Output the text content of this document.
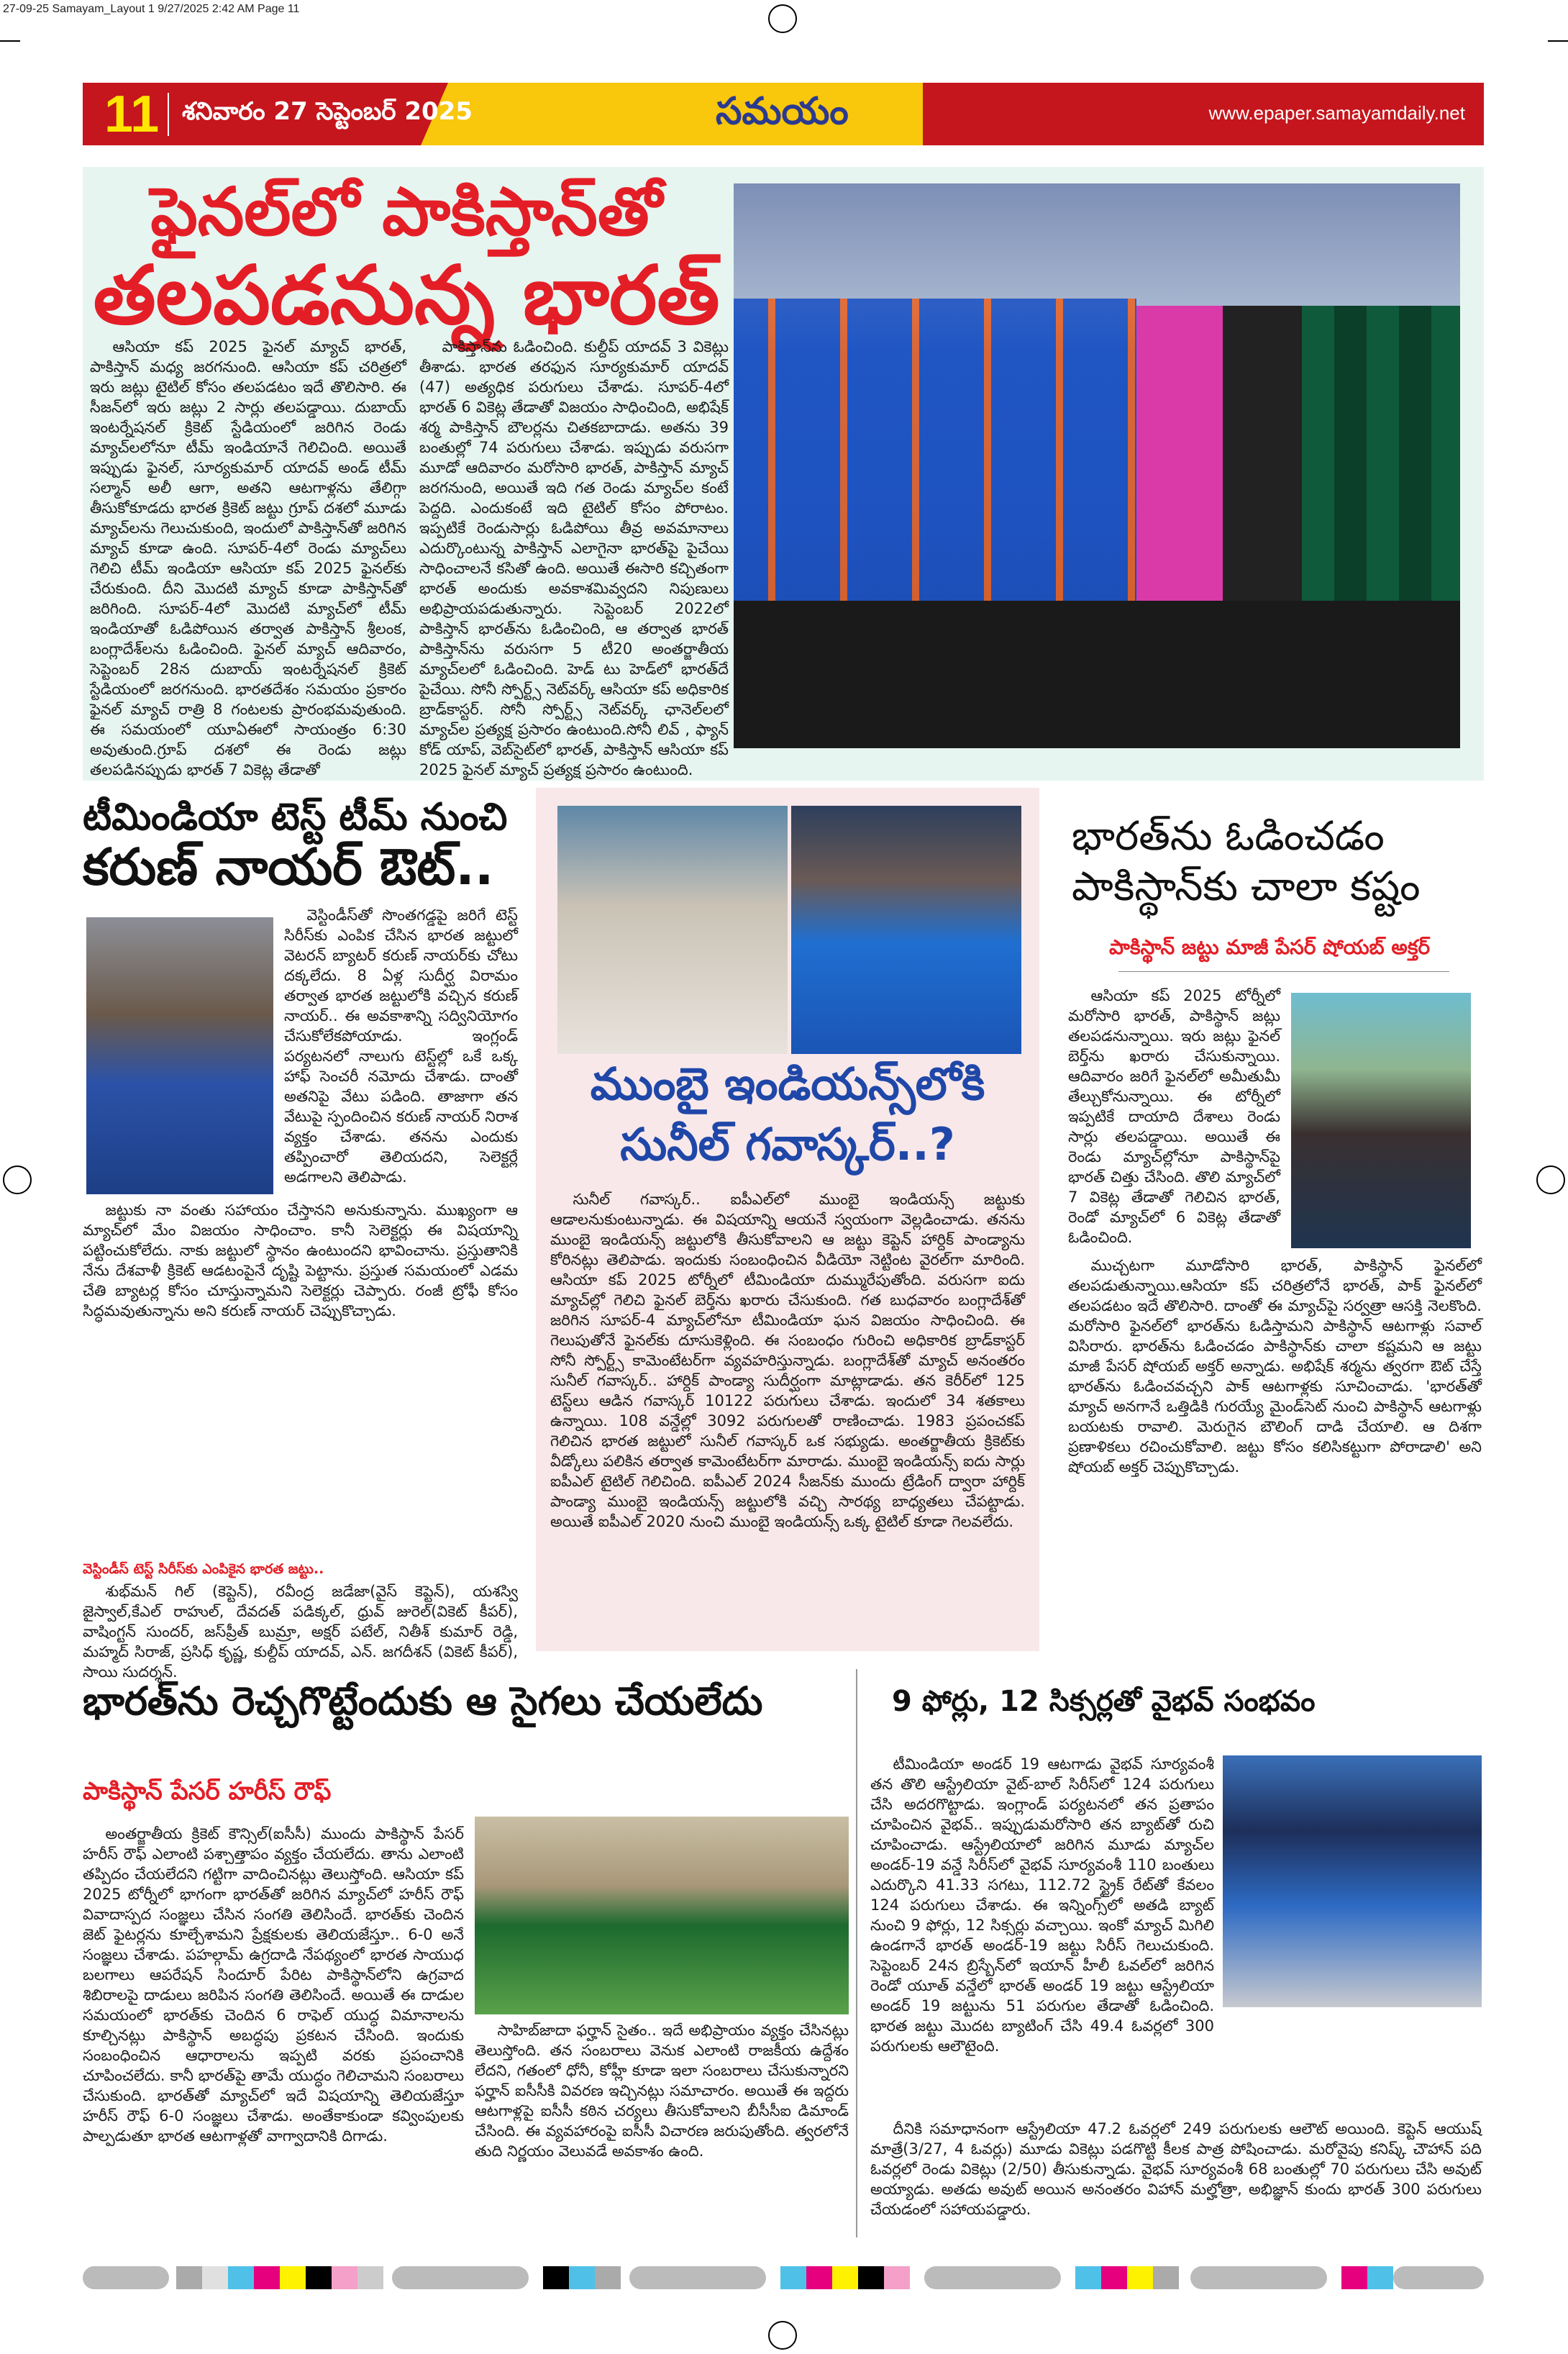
27-09-25 Samayam_Layout 1 9/27/2025 2:42 AM Page 11
11 శనివారం 27 సెప్టెంబర్ 2025	సమయం	www.epaper.samayamdaily.net
ఫైనల్‌లో పాకిస్తాన్‌తో
తలపడనున్న భారత్

ఆసియా కప్ 2025 ఫైనల్ మ్యాచ్ భారత్, పాకిస్తాన్ మధ్య జరగనుంది. ఆసియా కప్ చరిత్రలో ఇరు జట్లు టైటిల్ కోసం తలపడటం ఇదే తొలిసారి. ఈ సీజన్‌లో ఇరు జట్లు 2 సార్లు తలపడ్డాయి. దుబాయ్ ఇంటర్నేషనల్ క్రికెట్ స్టేడియంలో జరిగిన రెండు మ్యాచ్‌లలోనూ టీమ్ ఇండియానే గెలిచింది. అయితే ఇప్పుడు ఫైనల్, సూర్యకుమార్ యాదవ్ అండ్ టీమ్ సల్మాన్ అలీ ఆగా, అతని ఆటగాళ్లను తేలిగ్గా తీసుకోకూడదు భారత క్రికెట్ జట్టు గ్రూప్ దశలో మూడు మ్యాచ్‌లను గెలుచుకుంది, ఇందులో పాకిస్తాన్‌తో జరిగిన మ్యాచ్ కూడా ఉంది. సూపర్-4లో రెండు మ్యాచ్‌లు గెలిచి టీమ్ ఇండియా ఆసియా కప్ 2025 ఫైనల్‌కు చేరుకుంది. దీని మొదటి మ్యాచ్ కూడా పాకిస్తాన్‌తో జరిగింది. సూపర్-4లో మొదటి మ్యాచ్‌లో టీమ్ ఇండియాతో ఓడిపోయిన తర్వాత పాకిస్తాన్ శ్రీలంక, బంగ్లాదేశ్‌లను ఓడించింది. ఫైనల్ మ్యాచ్ ఆదివారం, సెప్టెంబర్ 28న దుబాయ్ ఇంటర్నేషనల్ క్రికెట్ స్టేడియంలో జరగనుంది. భారతదేశం సమయం ప్రకారం ఫైనల్ మ్యాచ్ రాత్రి 8 గంటలకు ప్రారంభమవుతుంది. ఈ సమయంలో యూఏఈలో సాయంత్రం 6:30 అవుతుంది.గ్రూప్ దశలో ఈ రెండు జట్లు తలపడినప్పుడు భారత్ 7 వికెట్ల తేడాతో

పాకిస్తాన్‌ను ఓడించింది. కుల్దీప్ యాదవ్ 3 వికెట్లు తీశాడు. భారత తరఫున సూర్యకుమార్ యాదవ్ (47) అత్యధిక పరుగులు చేశాడు. సూపర్-4లో భారత్ 6 వికెట్ల తేడాతో విజయం సాధించింది, అభిషేక్ శర్మ పాకిస్తాన్ బౌలర్లను చితకబాదాడు. అతను 39 బంతుల్లో 74 పరుగులు చేశాడు. ఇప్పుడు వరుసగా మూడో ఆదివారం మరోసారి భారత్, పాకిస్తాన్ మ్యాచ్ జరగనుంది, అయితే ఇది గత రెండు మ్యాచ్‌ల కంటే పెద్దది. ఎందుకంటే ఇది టైటిల్ కోసం పోరాటం. ఇప్పటికే రెండుసార్లు ఓడిపోయి తీవ్ర అవమానాలు ఎదుర్కొంటున్న పాకిస్తాన్ ఎలాగైనా భారత్‌పై పైచేయి సాధించాలనే కసితో ఉంది. అయితే ఈసారి కచ్చితంగా భారత్ అందుకు అవకాశమివ్వదని నిపుణులు అభిప్రాయపడుతున్నారు. సెప్టెంబర్ 2022లో పాకిస్తాన్ భారత్‌ను ఓడించింది, ఆ తర్వాత భారత్ పాకిస్తాన్‌ను వరుసగా 5 టీ20 అంతర్జాతీయ మ్యాచ్‌లలో ఓడించింది. హెడ్ టు హెడ్‌లో భారత్‌దే పైచేయి. సోనీ స్పోర్ట్స్ నెట్‌వర్క్ ఆసియా కప్ అధికారిక బ్రాడ్‌కాస్టర్. సోనీ స్పోర్ట్స్ నెట్‌వర్క్ ఛానెల్‌లలో మ్యాచ్‌ల ప్రత్యక్ష ప్రసారం ఉంటుంది.సోనీ లివ్ , ఫ్యాన్ కోడ్ యాప్, వెబ్‌సైట్‌లో భారత్, పాకిస్తాన్ ఆసియా కప్ 2025 ఫైనల్ మ్యాచ్ ప్రత్యక్ష ప్రసారం ఉంటుంది.

టీమిండియా టెస్ట్ టీమ్ నుంచి
కరుణ్ నాయర్ ఔట్..

వెస్టిండీస్‌తో సొంతగడ్డపై జరిగే టెస్ట్ సిరీస్‌కు ఎంపిక చేసిన భారత జట్టులో వెటరన్ బ్యాటర్ కరుణ్ నాయర్‌కు చోటు దక్కలేదు. 8 ఏళ్ల సుదీర్ఘ విరామం తర్వాత భారత జట్టులోకి వచ్చిన కరుణ్ నాయర్.. ఈ అవకాశాన్ని సద్వినియోగం చేసుకోలేకపోయాడు. ఇంగ్లండ్ పర్యటనలో నాలుగు టెస్ట్‌ల్లో ఒకే ఒక్క హాఫ్ సెంచరీ నమోదు చేశాడు. దాంతో అతనిపై వేటు పడింది. తాజాగా తన వేటుపై స్పందించిన కరుణ్ నాయర్ నిరాశ వ్యక్తం చేశాడు. తనను ఎందుకు తప్పించారో తెలియదని, సెలెక్టర్లే అడగాలని తెలిపాడు.

జట్టుకు నా వంతు సహాయం చేస్తానని అనుకున్నాను. ముఖ్యంగా ఆ మ్యాచ్‌లో మేం విజయం సాధించాం. కానీ సెలెక్టర్లు ఈ విషయాన్ని పట్టించుకోలేదు. నాకు జట్టులో స్థానం ఉంటుందని భావించాను. ప్రస్తుతానికి నేను దేశవాళీ క్రికెట్ ఆడటంపైనే దృష్టి పెట్టాను. ప్రస్తుత సమయంలో ఎడమ చేతి బ్యాటర్ల కోసం చూస్తున్నామని సెలెక్టర్లు చెప్పారు. రంజీ ట్రోఫీ కోసం సిద్ధమవుతున్నాను అని కరుణ్ నాయర్ చెప్పుకొచ్చాడు.

వెస్టిండీస్ టెస్ట్ సిరీస్‌కు ఎంపికైన భారత జట్టు..

శుభ్‌మన్ గిల్ (కెప్టెన్), రవీంద్ర జడేజా(వైస్ కెప్టెన్), యశస్వి జైస్వాల్,కేఎల్ రాహుల్, దేవదత్ పడిక్కల్, ధ్రువ్ జురెల్(వికెట్ కీపర్), వాషింగ్టన్ సుందర్, జస్‌ప్రీత్ బుమ్రా, అక్షర్ పటేల్, నితీశ్ కుమార్ రెడ్డి, మహ్మద్ సిరాజ్, ప్రసిధ్ కృష్ణ, కుల్దీప్ యాదవ్, ఎన్. జగదీశన్ (వికెట్ కీపర్), సాయి సుదర్శన్.

ముంబై ఇండియన్స్‌లోకి
సునీల్ గవాస్కర్..?

సునీల్ గవాస్కర్.. ఐపీఎల్‌లో ముంబై ఇండియన్స్ జట్టుకు ఆడాలనుకుంటున్నాడు. ఈ విషయాన్ని ఆయనే స్వయంగా వెల్లడించాడు. తనను ముంబై ఇండియన్స్ జట్టులోకి తీసుకోవాలని ఆ జట్టు కెప్టెన్ హార్దిక్ పాండ్యాను కోరినట్లు తెలిపాడు. ఇందుకు సంబంధించిన వీడియో నెట్టింట వైరల్‌గా మారింది. ఆసియా కప్ 2025 టోర్నీలో టీమిండియా దుమ్మురేపుతోంది. వరుసగా ఐదు మ్యాచ్‌ల్లో గెలిచి ఫైనల్ బెర్త్‌ను ఖరారు చేసుకుంది. గత బుధవారం బంగ్లాదేశ్‌తో జరిగిన సూపర్-4 మ్యాచ్‌లోనూ టీమిండియా ఘన విజయం సాధించింది. ఈ గెలుపుతోనే ఫైనల్‌కు దూసుకెళ్లింది. ఈ సంబంధం గురించి అధికారిక బ్రాడ్‌కాస్టర్ సోనీ స్పోర్ట్స్ కామెంటేటర్‌గా వ్యవహరిస్తున్నాడు. బంగ్లాదేశ్‌తో మ్యాచ్ అనంతరం సునీల్ గవాస్కర్.. హార్దిక్ పాండ్యా సుదీర్ఘంగా మాట్లాడాడు. తన కెరీర్‌లో 125 టెస్ట్‌లు ఆడిన గవాస్కర్ 10122 పరుగులు చేశాడు. ఇందులో 34 శతకాలు ఉన్నాయి. 108 వన్డేల్లో 3092 పరుగులతో రాణించాడు. 1983 ప్రపంచకప్ గెలిచిన భారత జట్టులో సునీల్ గవాస్కర్ ఒక సభ్యుడు. అంతర్జాతీయ క్రికెట్‌కు వీడ్కోలు పలికిన తర్వాత కామెంటేటర్‌గా మారాడు. ముంబై ఇండియన్స్ ఐదు సార్లు ఐపీఎల్ టైటిల్ గెలిచింది. ఐపీఎల్ 2024 సీజన్‌కు ముందు ట్రేడింగ్ ద్వారా హార్దిక్ పాండ్యా ముంబై ఇండియన్స్ జట్టులోకి వచ్చి సారథ్య బాధ్యతలు చేపట్టాడు. అయితే ఐపీఎల్ 2020 నుంచి ముంబై ఇండియన్స్ ఒక్క టైటిల్ కూడా గెలవలేదు.

భారత్‌ను ఓడించడం
పాకిస్థాన్‌కు చాలా కష్టం
పాకిస్థాన్ జట్టు మాజీ పేసర్ షోయబ్ అక్తర్

ఆసియా కప్ 2025 టోర్నీలో మరోసారి భారత్, పాకిస్థాన్ జట్లు తలపడనున్నాయి. ఇరు జట్లు ఫైనల్ బెర్త్‌ను ఖరారు చేసుకున్నాయి. ఆదివారం జరిగే ఫైనల్‌లో అమీతుమీ తేల్చుకోనున్నాయి. ఈ టోర్నీలో ఇప్పటికే దాయాది దేశాలు రెండు సార్లు తలపడ్డాయి. అయితే ఈ రెండు మ్యాచ్‌ల్లోనూ పాకిస్థాన్‌పై భారత్ చిత్తు చేసింది. తొలి మ్యాచ్‌లో 7 వికెట్ల తేడాతో గెలిచిన భారత్, రెండో మ్యాచ్‌లో 6 వికెట్ల తేడాతో ఓడించింది.

ముచ్చటగా మూడోసారి భారత్, పాకిస్థాన్ ఫైనల్‌లో తలపడుతున్నాయి.ఆసియా కప్ చరిత్రలోనే భారత్, పాక్ ఫైనల్‌లో తలపడటం ఇదే తొలిసారి. దాంతో ఈ మ్యాచ్‌పై సర్వత్రా ఆసక్తి నెలకొంది. మరోసారి ఫైనల్‌లో భారత్‌ను ఓడిస్తామని పాకిస్థాన్ ఆటగాళ్లు సవాల్ విసిరారు. భారత్‌ను ఓడించడం పాకిస్థాన్‌కు చాలా కష్టమని ఆ జట్టు మాజీ పేసర్ షోయబ్ అక్తర్ అన్నాడు. అభిషేక్ శర్మను త్వరగా ఔట్ చేస్తే భారత్‌ను ఓడించవచ్చని పాక్ ఆటగాళ్లకు సూచించాడు. 'భారత్‌తో మ్యాచ్ అనగానే ఒత్తిడికి గురయ్యే మైండ్‌సెట్ నుంచి పాకిస్థాన్ ఆటగాళ్లు బయటకు రావాలి. మెరుగైన బౌలింగ్ దాడి చేయాలి. ఆ దిశగా ప్రణాళికలు రచించుకోవాలి. జట్టు కోసం కలిసికట్టుగా పోరాడాలి' అని షోయబ్ అక్తర్ చెప్పుకొచ్చాడు.

భారత్‌ను రెచ్చగొట్టేందుకు ఆ సైగలు చేయలేదు
పాకిస్థాన్ పేసర్ హరీస్ రౌఫ్

అంతర్జాతీయ క్రికెట్ కౌన్సిల్(ఐసీసీ) ముందు పాకిస్థాన్ పేసర్ హరీస్ రౌఫ్ ఎలాంటి పశ్చాత్తాపం వ్యక్తం చేయలేదు. తాను ఎలాంటి తప్పిదం చేయలేదని గట్టిగా వాదించినట్లు తెలుస్తోంది. ఆసియా కప్ 2025 టోర్నీలో భాగంగా భారత్‌తో జరిగిన మ్యాచ్‌లో హరీస్ రౌఫ్ వివాదాస్పద సంజ్ఞలు చేసిన సంగతి తెలిసిందే. భారత్‌కు చెందిన జెట్ ఫైటర్లను కూల్చేశామని ప్రేక్షకులకు తెలియజేస్తూ.. 6-0 అనే సంజ్ఞలు చేశాడు. పహల్గామ్ ఉగ్రదాడి నేపథ్యంలో భారత సాయుధ బలగాలు ఆపరేషన్ సిందూర్ పేరిట పాకిస్థాన్‌లోని ఉగ్రవాద శిబిరాలపై దాడులు జరిపిన సంగతి తెలిసిందే. అయితే ఈ దాడుల సమయంలో భారత్‌కు చెందిన 6 రాఫెల్ యుద్ధ విమానాలను కూల్చినట్లు పాకిస్థాన్ అబద్ధపు ప్రకటన చేసింది. ఇందుకు సంబంధించిన ఆధారాలను ఇప్పటి వరకు ప్రపంచానికి చూపించలేదు. కానీ భారత్‌పై తామే యుద్ధం గెలిచామని సంబరాలు చేసుకుంది. భారత్‌తో మ్యాచ్‌లో ఇదే విషయాన్ని తెలియజేస్తూ హరీస్ రౌఫ్ 6-0 సంజ్ఞలు చేశాడు. అంతేకాకుండా కవ్వింపులకు పాల్పడుతూ భారత ఆటగాళ్లతో వాగ్వాదానికి దిగాడు.

సాహిబ్‌జాదా ఫర్హాన్ సైతం.. ఇదే అభిప్రాయం వ్యక్తం చేసినట్లు తెలుస్తోంది. తన సంబరాలు వెనుక ఎలాంటి రాజకీయ ఉద్దేశం లేదని, గతంలో ధోనీ, కోహ్లీ కూడా ఇలా సంబరాలు చేసుకున్నారని ఫర్హాన్ ఐసీసీకి వివరణ ఇచ్చినట్లు సమాచారం. అయితే ఈ ఇద్దరు ఆటగాళ్లపై ఐసీసీ కఠిన చర్యలు తీసుకోవాలని బీసీసీఐ డిమాండ్ చేసింది. ఈ వ్యవహారంపై ఐసీసీ విచారణ జరుపుతోంది. త్వరలోనే తుది నిర్ణయం వెలువడే అవకాశం ఉంది.

9 ఫోర్లు, 12 సిక్సర్లతో వైభవ్ సంభవం

టీమిండియా అండర్ 19 ఆటగాడు వైభవ్ సూర్యవంశీ తన తొలి ఆస్ట్రేలియా వైట్-బాల్ సిరీస్‌లో 124 పరుగులు చేసి అదరగొట్టాడు. ఇంగ్లాండ్ పర్యటనలో తన ప్రతాపం చూపించిన వైభవ్.. ఇప్పుడుమరోసారి తన బ్యాట్‌తో రుచి చూపించాడు. ఆస్ట్రేలియాలో జరిగిన మూడు మ్యాచ్‌ల అండర్-19 వన్డే సిరీస్‌లో వైభవ్ సూర్యవంశీ 110 బంతులు ఎదుర్కొని 41.33 సగటు, 112.72 స్ట్రైక్ రేట్‌తో కేవలం 124 పరుగులు చేశాడు. ఈ ఇన్నింగ్స్‌లో అతడి బ్యాట్ నుంచి 9 ఫోర్లు, 12 సిక్సర్లు వచ్చాయి. ఇంకో మ్యాచ్ మిగిలి ఉండగానే భారత్ అండర్-19 జట్టు సిరీస్ గెలుచుకుంది. సెప్టెంబర్ 24న బ్రిస్బేన్‌లో ఇయాన్ హీలీ ఓవల్‌లో జరిగిన రెండో యూత్ వన్డేలో భారత్ అండర్ 19 జట్టు ఆస్ట్రేలియా అండర్ 19 జట్టును 51 పరుగుల తేడాతో ఓడించింది. భారత జట్టు మొదట బ్యాటింగ్ చేసి 49.4 ఓవర్లలో 300 పరుగులకు ఆలౌటైంది.

దీనికి సమాధానంగా ఆస్ట్రేలియా 47.2 ఓవర్లలో 249 పరుగులకు ఆలౌట్ అయింది. కెప్టెన్ ఆయుష్ మాత్రే(3/27, 4 ఓవర్లు) మూడు వికెట్లు పడగొట్టి కీలక పాత్ర పోషించాడు. మరోవైపు కనిష్క్ చౌహాన్ పది ఓవర్లలో రెండు వికెట్లు (2/50) తీసుకున్నాడు. వైభవ్ సూర్యవంశీ 68 బంతుల్లో 70 పరుగులు చేసి అవుట్ అయ్యాడు. అతడు అవుట్ అయిన అనంతరం విహాన్ మల్హోత్రా, అభిజ్ఞాన్ కుందు భారత్ 300 పరుగులు చేయడంలో సహాయపడ్డారు.
